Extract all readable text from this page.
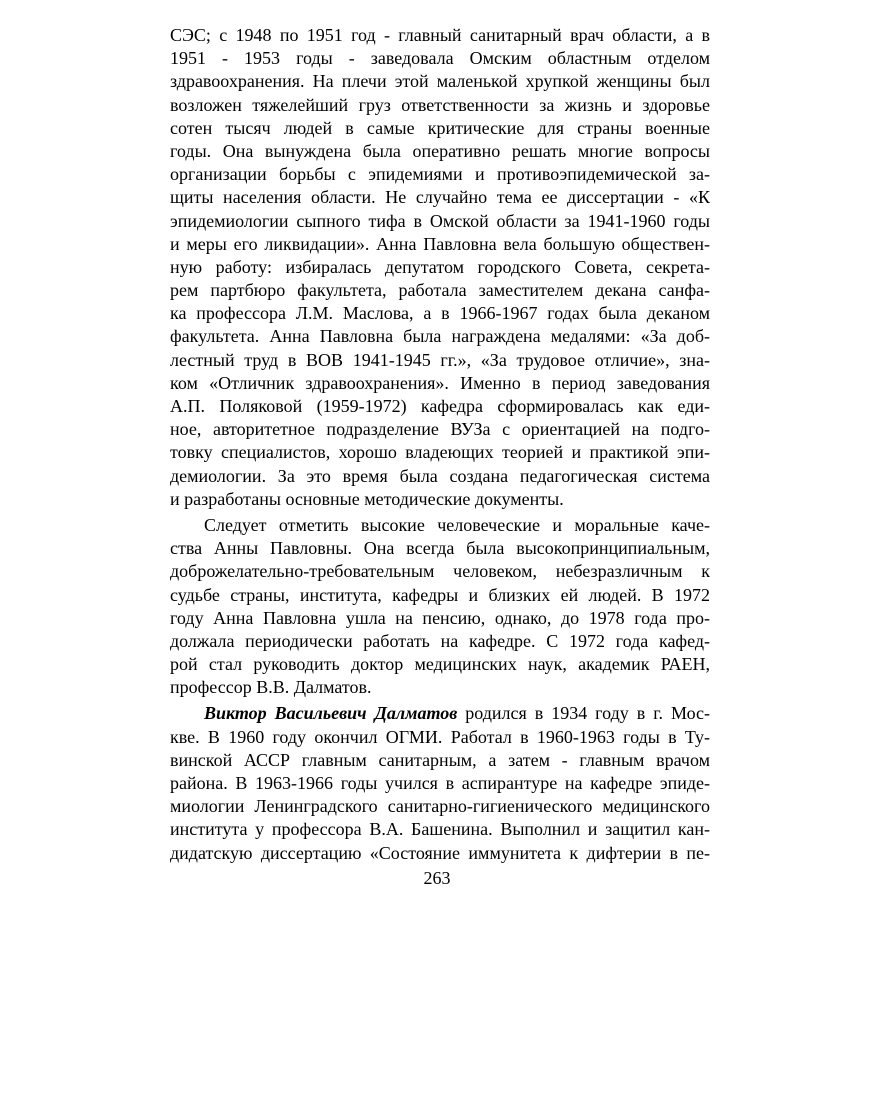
СЭС; с 1948 по 1951 год - главный санитарный врач области, а в
1951 - 1953 годы - заведовала Омским областным отделом
здравоохранения. На плечи этой маленькой хрупкой женщины был
возложен тяжелейший груз ответственности за жизнь и здоровье
сотен тысяч людей в самые критические для страны военные
годы. Она вынуждена была оперативно решать многие вопросы
организации борьбы с эпидемиями и противоэпидемической за-
щиты населения области. Не случайно тема ее диссертации - «К
эпидемиологии сыпного тифа в Омской области за 1941-1960 годы
и меры его ликвидации». Анна Павловна вела большую обществен-
ную работу: избиралась депутатом городского Совета, секрета-
рем партбюро факультета, работала заместителем декана санфа-
ка профессора Л.М. Маслова, а в 1966-1967 годах была деканом
факультета. Анна Павловна была награждена медалями: «За доб-
лестный труд в ВОВ 1941-1945 гг.», «За трудовое отличие», зна-
ком «Отличник здравоохранения». Именно в период заведования
А.П. Поляковой (1959-1972) кафедра сформировалась как еди-
ное, авторитетное подразделение ВУЗа с ориентацией на подго-
товку специалистов, хорошо владеющих теорией и практикой эпи-
демиологии. За это время была создана педагогическая система
и разработаны основные методические документы.
Следует отметить высокие человеческие и моральные каче-
ства Анны Павловны. Она всегда была высокопринципиальным,
доброжелательно-требовательным человеком, небезразличным к
судьбе страны, института, кафедры и близких ей людей. В 1972
году Анна Павловна ушла на пенсию, однако, до 1978 года про-
должала периодически работать на кафедре. С 1972 года кафед-
рой стал руководить доктор медицинских наук, академик РАЕН,
профессор В.В. Далматов.
Виктор Васильевич Далматов родился в 1934 году в г. Мос-
кве. В 1960 году окончил ОГМИ. Работал в 1960-1963 годы в Ту-
винской АССР главным санитарным, а затем - главным врачом
района. В 1963-1966 годы учился в аспирантуре на кафедре эпиде-
миологии Ленинградского санитарно-гигиенического медицинского
института у профессора В.А. Башенина. Выполнил и защитил кан-
дидатскую диссертацию «Состояние иммунитета к дифтерии в пе-
263
